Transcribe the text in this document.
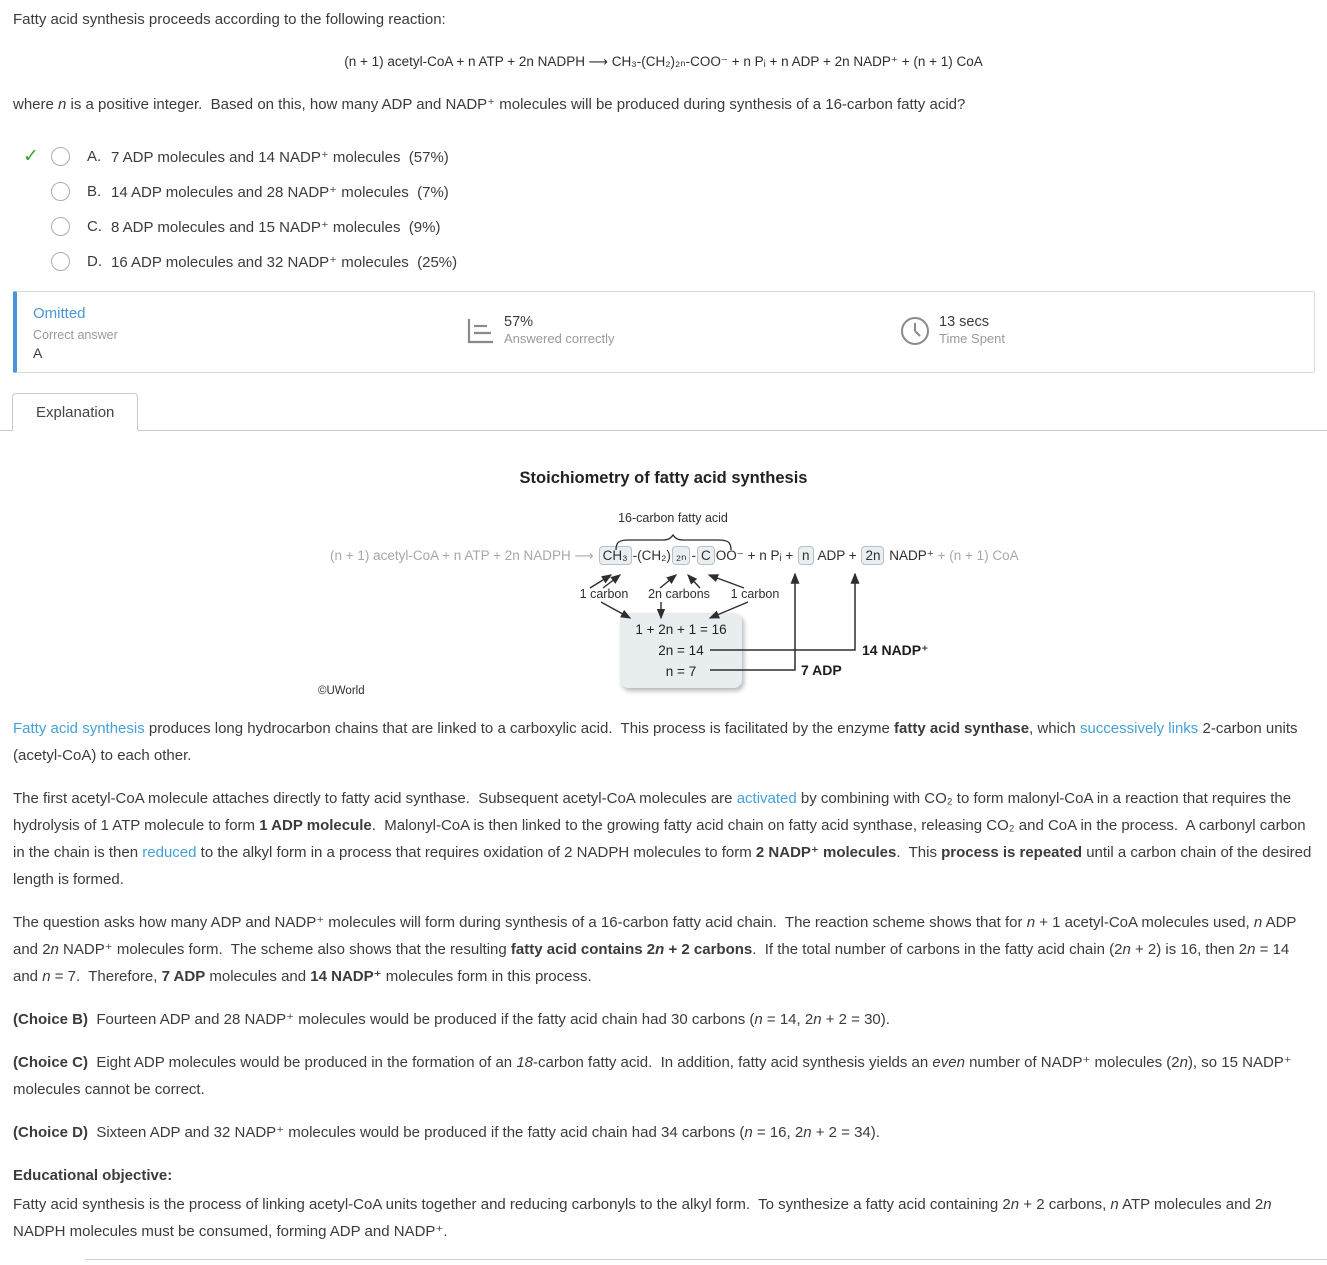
Fatty acid synthesis proceeds according to the following reaction:
(n + 1) acetyl-CoA + n ATP + 2n NADPH ⟶ CH₃-(CH₂)₂ₙ-COO⁻ + n Pᵢ + n ADP + 2n NADP⁺ + (n + 1) CoA
where n is a positive integer.  Based on this, how many ADP and NADP⁺ molecules will be produced during synthesis of a 16-carbon fatty acid?
✓
A. 7 ADP molecules and 14 NADP⁺ molecules  (57%)
B. 14 ADP molecules and 28 NADP⁺ molecules  (7%)
C. 8 ADP molecules and 15 NADP⁺ molecules  (9%)
D. 16 ADP molecules and 32 NADP⁺ molecules  (25%)
Omitted
Correct answer
A
57%
Answered correctly
13 secs
Time Spent
Explanation
Stoichiometry of fatty acid synthesis
16-carbon fatty acid
(n + 1) acetyl-CoA + n ATP + 2n NADPH ⟶ CH₃ -(CH₂) ₂ₙ - C OO⁻ + n Pᵢ + n ADP + 2n NADP⁺ + (n + 1) CoA
1 carbon 2n carbons 1 carbon
1 + 2n + 1 = 16
2n = 14
n = 7
14 NADP⁺
7 ADP
©UWorld

Fatty acid synthesis produces long hydrocarbon chains that are linked to a carboxylic acid.  This process is facilitated by the enzyme fatty acid synthase, which successively links 2-carbon units (acetyl-CoA) to each other.

The first acetyl-CoA molecule attaches directly to fatty acid synthase.  Subsequent acetyl-CoA molecules are activated by combining with CO₂ to form malonyl-CoA in a reaction that requires the hydrolysis of 1 ATP molecule to form 1 ADP molecule.  Malonyl-CoA is then linked to the growing fatty acid chain on fatty acid synthase, releasing CO₂ and CoA in the process.  A carbonyl carbon in the chain is then reduced to the alkyl form in a process that requires oxidation of 2 NADPH molecules to form 2 NADP⁺ molecules.  This process is repeated until a carbon chain of the desired length is formed.

The question asks how many ADP and NADP⁺ molecules will form during synthesis of a 16-carbon fatty acid chain.  The reaction scheme shows that for n + 1 acetyl-CoA molecules used, n ADP and 2n NADP⁺ molecules form.  The scheme also shows that the resulting fatty acid contains 2n + 2 carbons.  If the total number of carbons in the fatty acid chain (2n + 2) is 16, then 2n = 14 and n = 7.  Therefore, 7 ADP molecules and 14 NADP⁺ molecules form in this process.

(Choice B)  Fourteen ADP and 28 NADP⁺ molecules would be produced if the fatty acid chain had 30 carbons (n = 14, 2n + 2 = 30).

(Choice C)  Eight ADP molecules would be produced in the formation of an 18-carbon fatty acid.  In addition, fatty acid synthesis yields an even number of NADP⁺ molecules (2n), so 15 NADP⁺ molecules cannot be correct.

(Choice D)  Sixteen ADP and 32 NADP⁺ molecules would be produced if the fatty acid chain had 34 carbons (n = 16, 2n + 2 = 34).

Educational objective:

Fatty acid synthesis is the process of linking acetyl-CoA units together and reducing carbonyls to the alkyl form.  To synthesize a fatty acid containing 2n + 2 carbons, n ATP molecules and 2n NADPH molecules must be consumed, forming ADP and NADP⁺.
